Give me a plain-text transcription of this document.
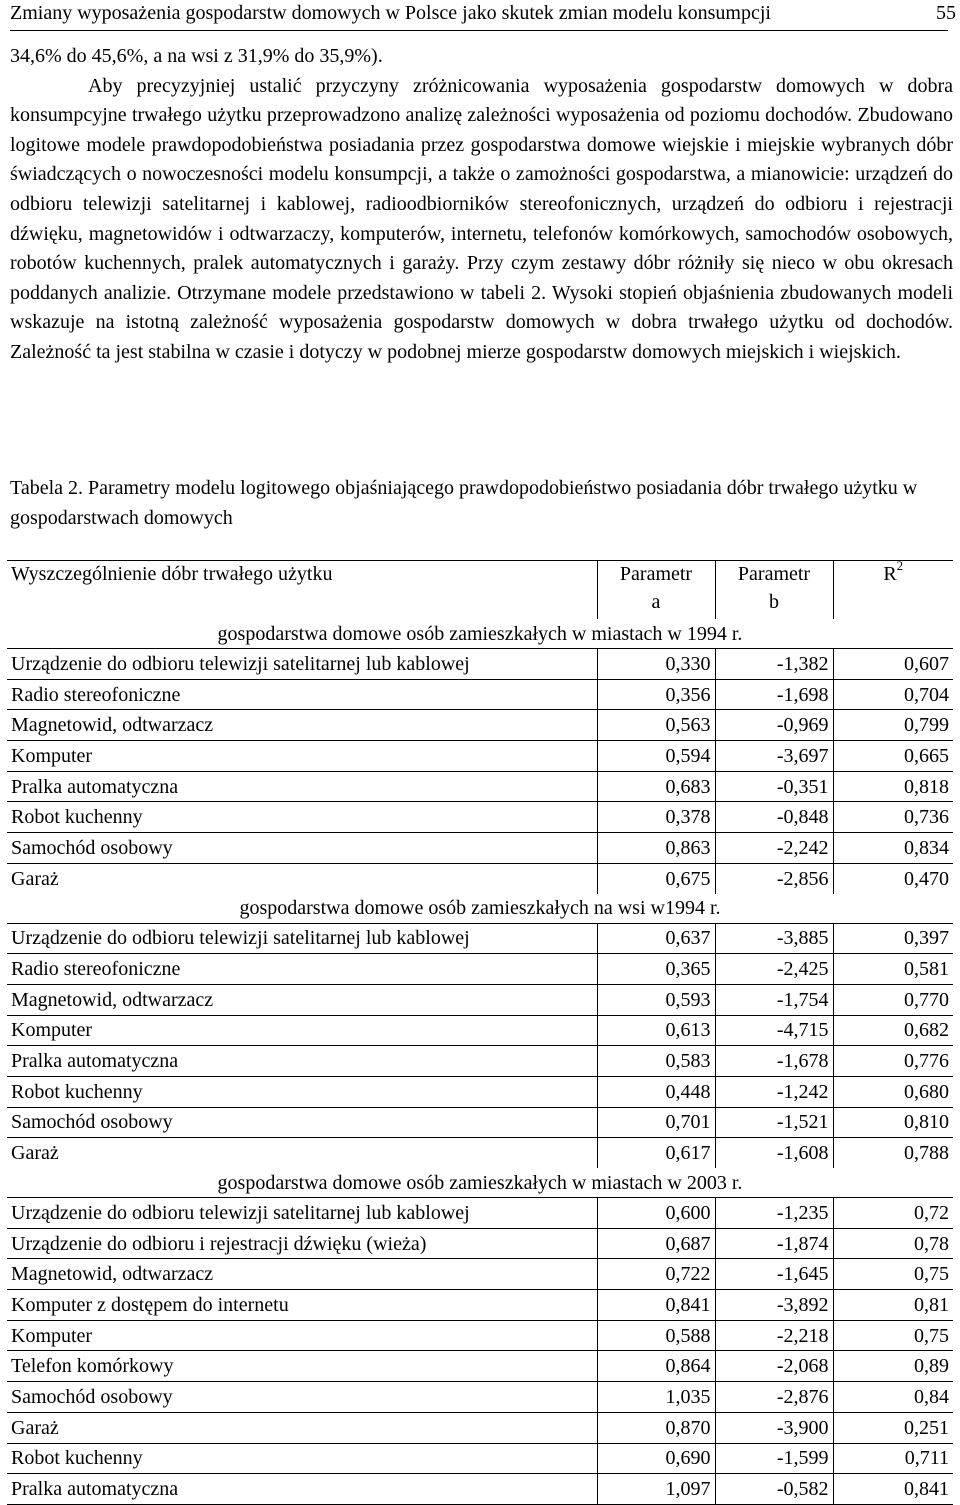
Zmiany wyposażenia gospodarstw domowych w Polsce jako skutek zmian modelu konsumpcji	55

34,6% do 45,6%, a na wsi z 31,9% do 35,9%).

Aby precyzyjniej ustalić przyczyny zróżnicowania wyposażenia gospodarstw domowych w dobra konsumpcyjne trwałego użytku przeprowadzono analizę zależności wyposażenia od poziomu dochodów. Zbudowano logitowe modele prawdopodobieństwa posiadania przez gospodarstwa domowe wiejskie i miejskie wybranych dóbr świadczących o nowoczesności modelu konsumpcji, a także o zamożności gospodarstwa, a mianowicie: urządzeń do odbioru telewizji satelitarnej i kablowej, radioodbiorników stereofonicznych, urządzeń do odbioru i rejestracji dźwięku, magnetowidów i odtwarzaczy, komputerów, internetu, telefonów komórkowych, samochodów osobowych, robotów kuchennych, pralek automatycznych i garaży. Przy czym zestawy dóbr różniły się nieco w obu okresach poddanych analizie. Otrzymane modele przedstawiono w tabeli 2. Wysoki stopień objaśnienia zbudowanych modeli wskazuje na istotną zależność wyposażenia gospodarstw domowych w dobra trwałego użytku od dochodów. Zależność ta jest stabilna w czasie i dotyczy w podobnej mierze gospodarstw domowych miejskich i wiejskich.

Tabela 2. Parametry modelu logitowego objaśniającego prawdopodobieństwo posiadania dóbr trwałego użytku w gospodarstwach domowych
Wyszczególnienie dóbr trwałego użytku	Parametr	Parametr	$R^2$
	a	b	
gospodarstwa domowe osób zamieszkałych w miastach w 1994 r.			
Urządzenie do odbioru telewizji satelitarnej lub kablowej	0,330	-1,382	0,607
Radio stereofoniczne	0,356	-1,698	0,704
Magnetowid, odtwarzacz	0,563	-0,969	0,799
Komputer	0,594	-3,697	0,665
Pralka automatyczna	0,683	-0,351	0,818
Robot kuchenny	0,378	-0,848	0,736
Samochód osobowy	0,863	-2,242	0,834
Garaż	0,675	-2,856	0,470
gospodarstwa domowe osób zamieszkałych na wsi w1994 r.			
Urządzenie do odbioru telewizji satelitarnej lub kablowej	0,637	-3,885	0,397
Radio stereofoniczne	0,365	-2,425	0,581
Magnetowid, odtwarzacz	0,593	-1,754	0,770
Komputer	0,613	-4,715	0,682
Pralka automatyczna	0,583	-1,678	0,776
Robot kuchenny	0,448	-1,242	0,680
Samochód osobowy	0,701	-1,521	0,810
Garaż	0,617	-1,608	0,788
gospodarstwa domowe osób zamieszkałych w miastach w 2003 r.			
Urządzenie do odbioru telewizji satelitarnej lub kablowej	0,600	-1,235	0,72
Urządzenie do odbioru i rejestracji dźwięku (wieża)	0,687	-1,874	0,78
Magnetowid, odtwarzacz	0,722	-1,645	0,75
Komputer z dostępem do internetu	0,841	-3,892	0,81
Komputer	0,588	-2,218	0,75
Telefon komórkowy	0,864	-2,068	0,89
Samochód osobowy	1,035	-2,876	0,84
Garaż	0,870	-3,900	0,251
Robot kuchenny	0,690	-1,599	0,711
Pralka automatyczna	1,097	-0,582	0,841
